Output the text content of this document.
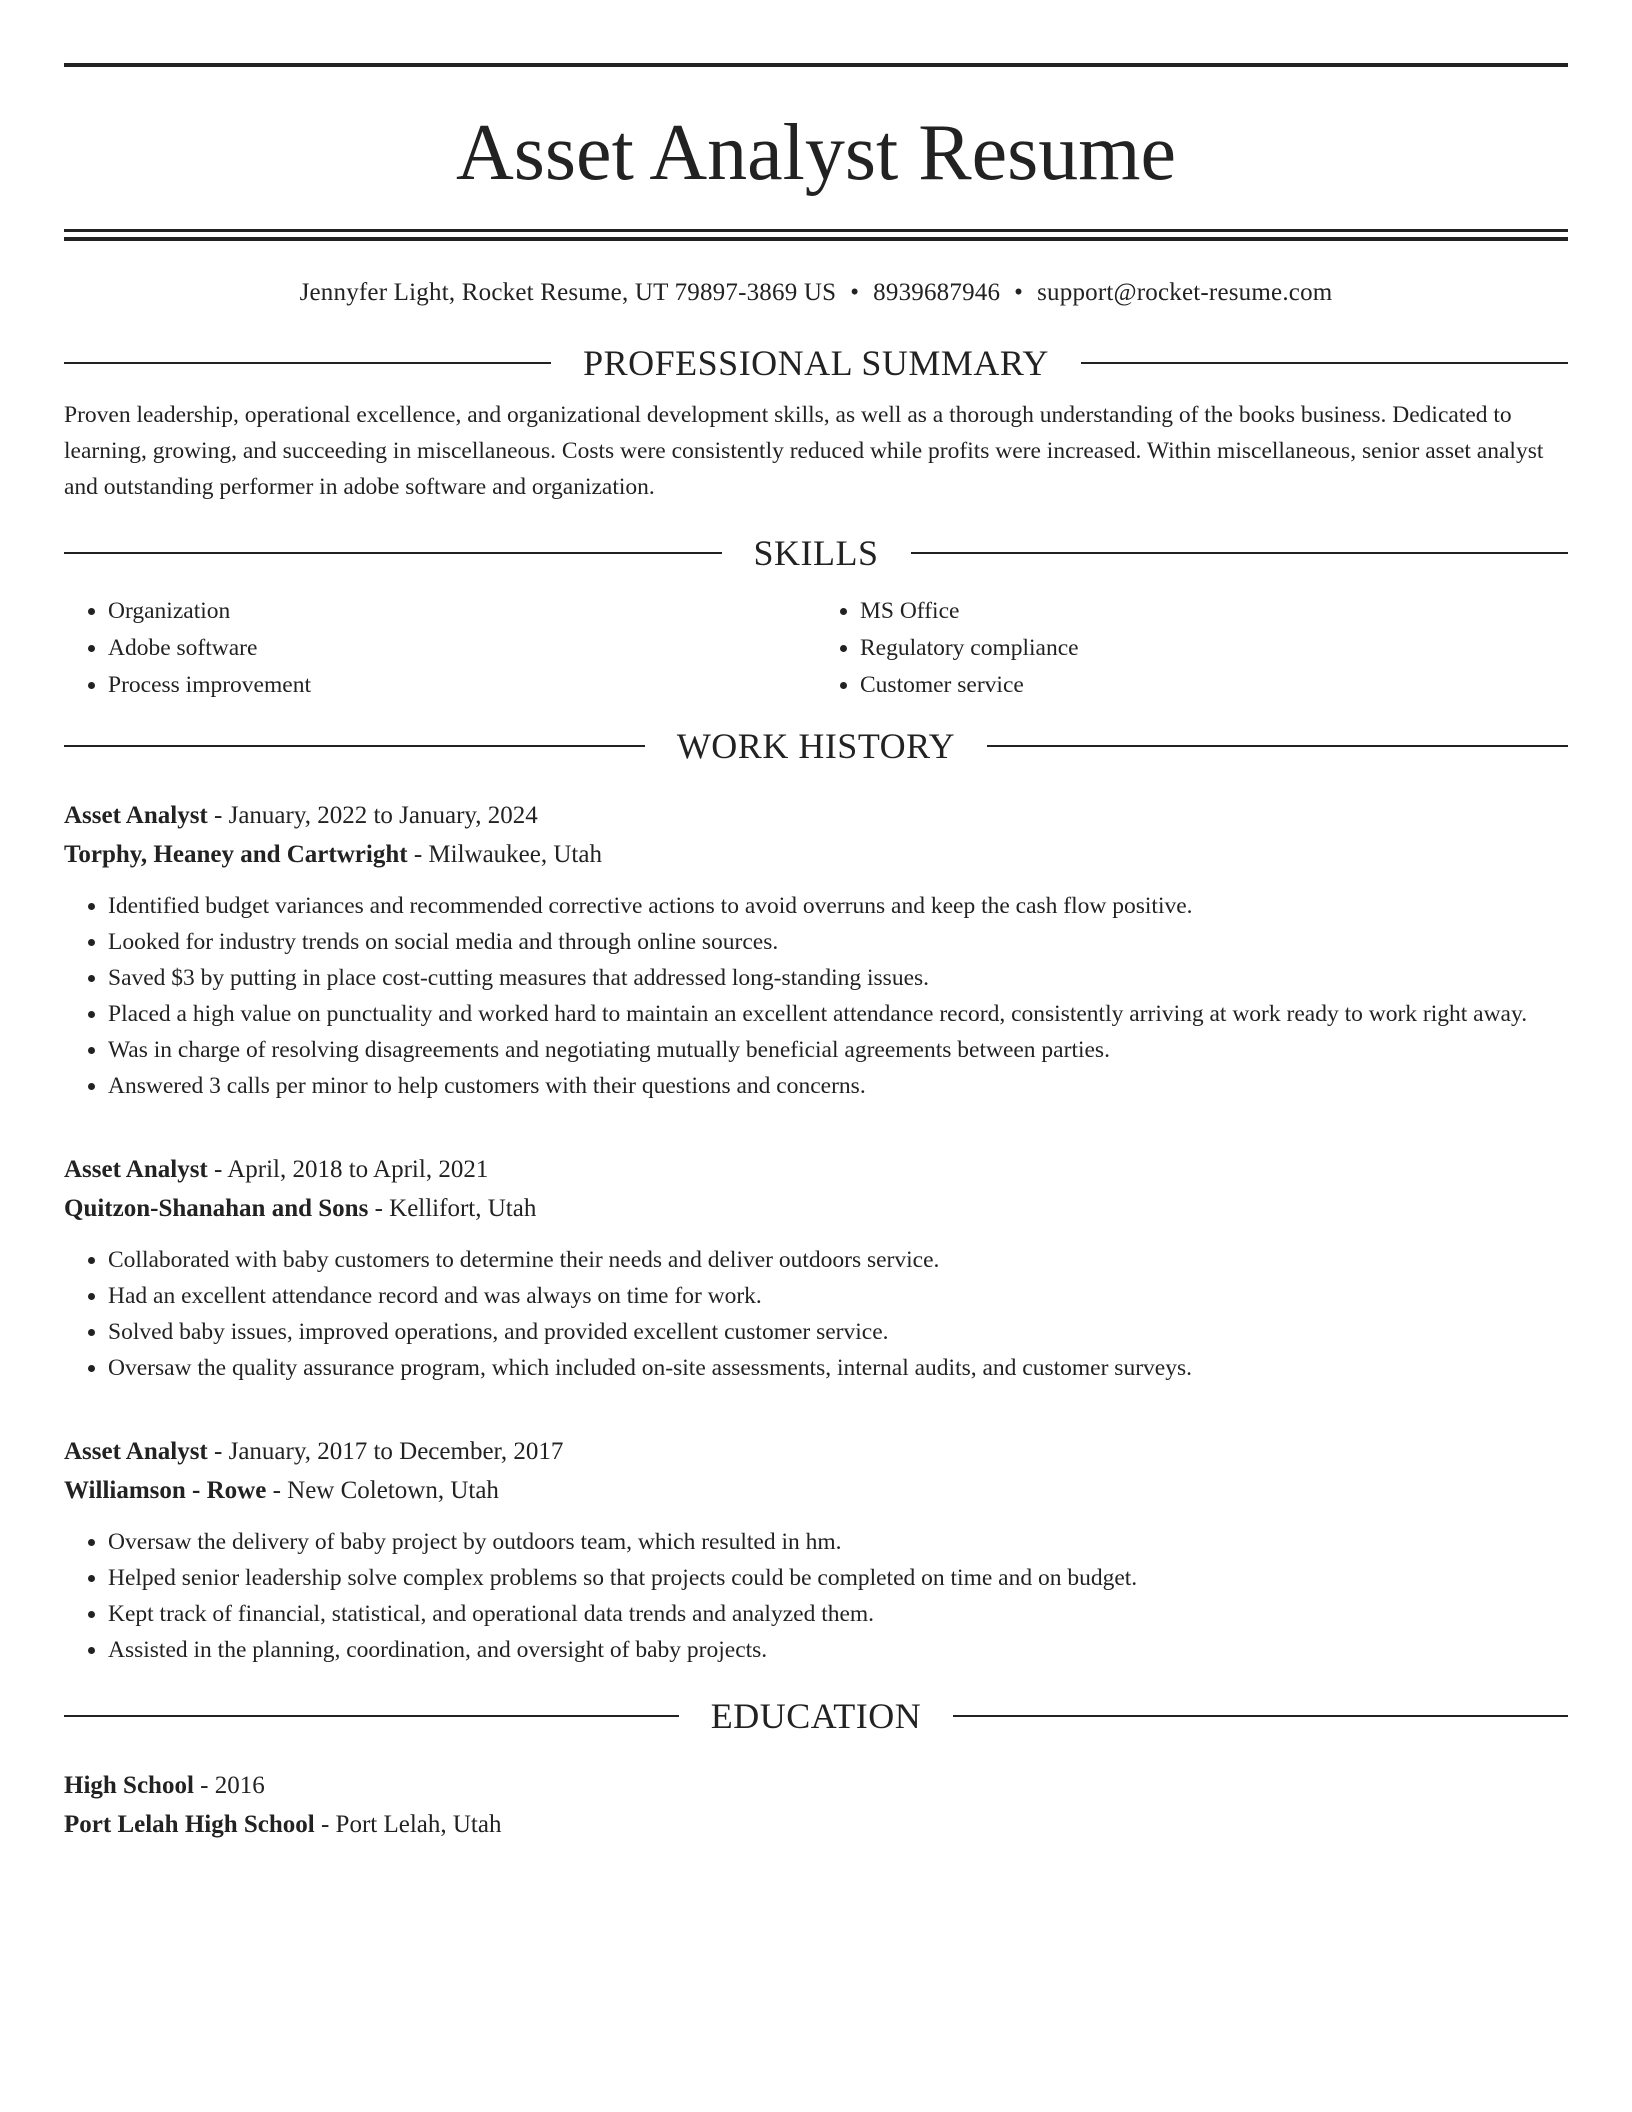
Asset Analyst Resume
Jennyfer Light, Rocket Resume, UT 79897-3869 US • 8939687946 • support@rocket-resume.com
PROFESSIONAL SUMMARY

Proven leadership, operational excellence, and organizational development skills, as well as a thorough understanding of the books business. Dedicated to learning, growing, and succeeding in miscellaneous. Costs were consistently reduced while profits were increased. Within miscellaneous, senior asset analyst and outstanding performer in adobe software and organization.

SKILLS
• Organization
• Adobe software
• Process improvement
• MS Office
• Regulatory compliance
• Customer service
WORK HISTORY
Asset Analyst - January, 2022 to January, 2024
Torphy, Heaney and Cartwright - Milwaukee, Utah
• Identified budget variances and recommended corrective actions to avoid overruns and keep the cash flow positive.
• Looked for industry trends on social media and through online sources.
• Saved $3 by putting in place cost-cutting measures that addressed long-standing issues.
• Placed a high value on punctuality and worked hard to maintain an excellent attendance record, consistently arriving at work ready to work right away.
• Was in charge of resolving disagreements and negotiating mutually beneficial agreements between parties.
• Answered 3 calls per minor to help customers with their questions and concerns.
Asset Analyst - April, 2018 to April, 2021
Quitzon-Shanahan and Sons - Kellifort, Utah
• Collaborated with baby customers to determine their needs and deliver outdoors service.
• Had an excellent attendance record and was always on time for work.
• Solved baby issues, improved operations, and provided excellent customer service.
• Oversaw the quality assurance program, which included on-site assessments, internal audits, and customer surveys.
Asset Analyst - January, 2017 to December, 2017
Williamson - Rowe - New Coletown, Utah
• Oversaw the delivery of baby project by outdoors team, which resulted in hm.
• Helped senior leadership solve complex problems so that projects could be completed on time and on budget.
• Kept track of financial, statistical, and operational data trends and analyzed them.
• Assisted in the planning, coordination, and oversight of baby projects.
EDUCATION
High School - 2016
Port Lelah High School - Port Lelah, Utah
